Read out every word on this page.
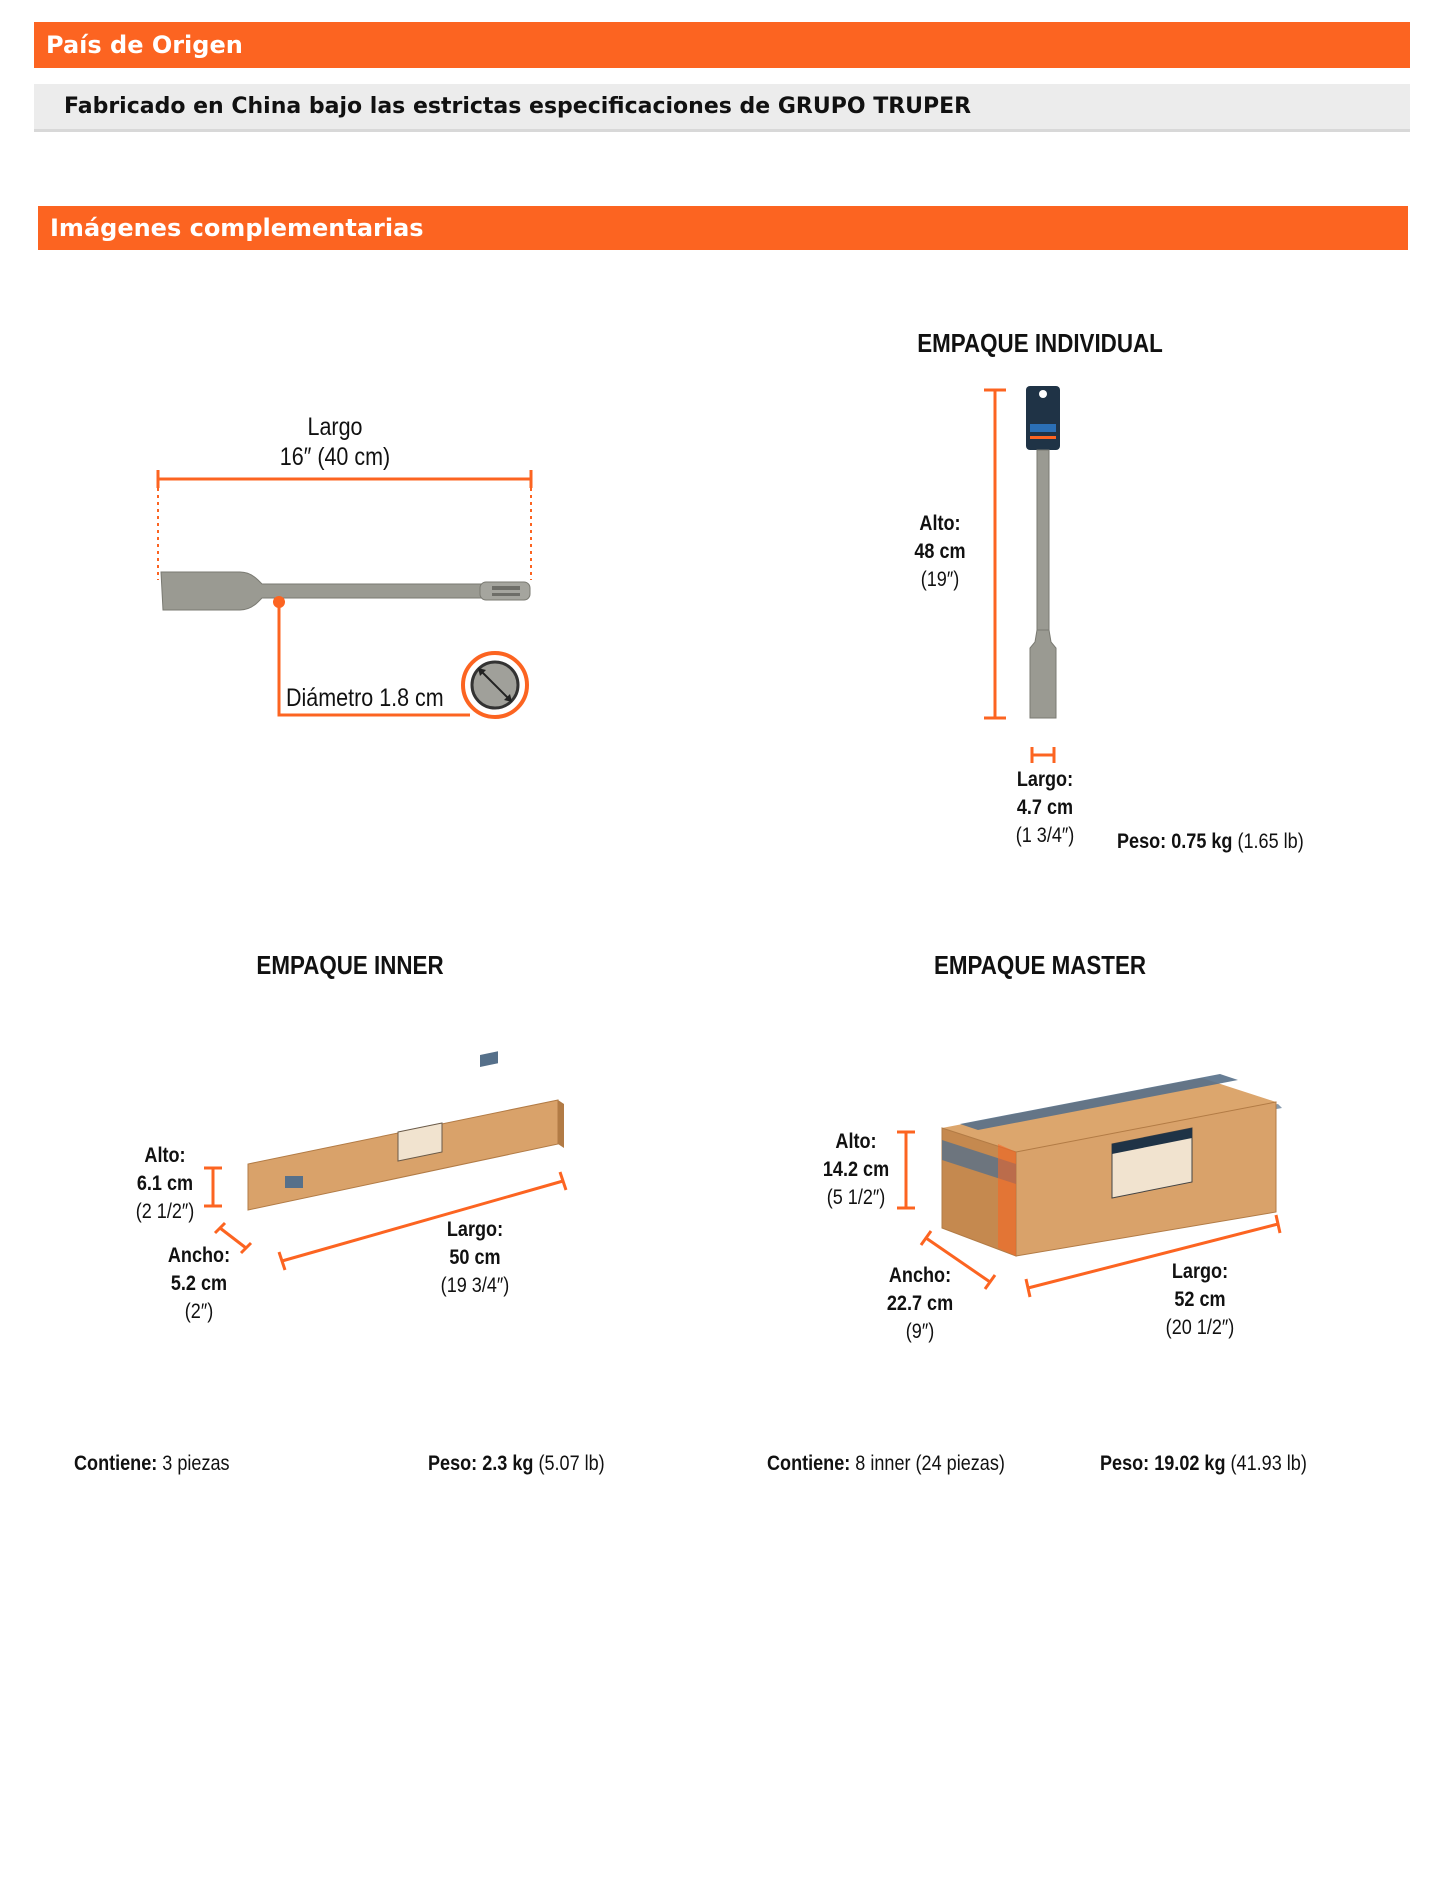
País de Origen
Fabricado en China bajo las estrictas especificaciones de GRUPO TRUPER
Imágenes complementarias
Largo
16″ (40 cm)
Diámetro 1.8 cm
EMPAQUE INDIVIDUAL
Alto:
48 cm
(19″)
Largo:
4.7 cm
(1 3/4″)	Peso: 0.75 kg (1.65 lb)
EMPAQUE INNER
Alto:
6.1 cm
(2 1/2″)
Ancho:
5.2 cm
(2″)
Largo:
50 cm
(19 3/4″)
Contiene: 3 piezas	Peso: 2.3 kg (5.07 lb)
EMPAQUE MASTER
Alto:
14.2 cm
(5 1/2″)
Ancho:
22.7 cm
(9″)
Largo:
52 cm
(20 1/2″)
Contiene: 8 inner (24 piezas)	Peso: 19.02 kg (41.93 lb)
